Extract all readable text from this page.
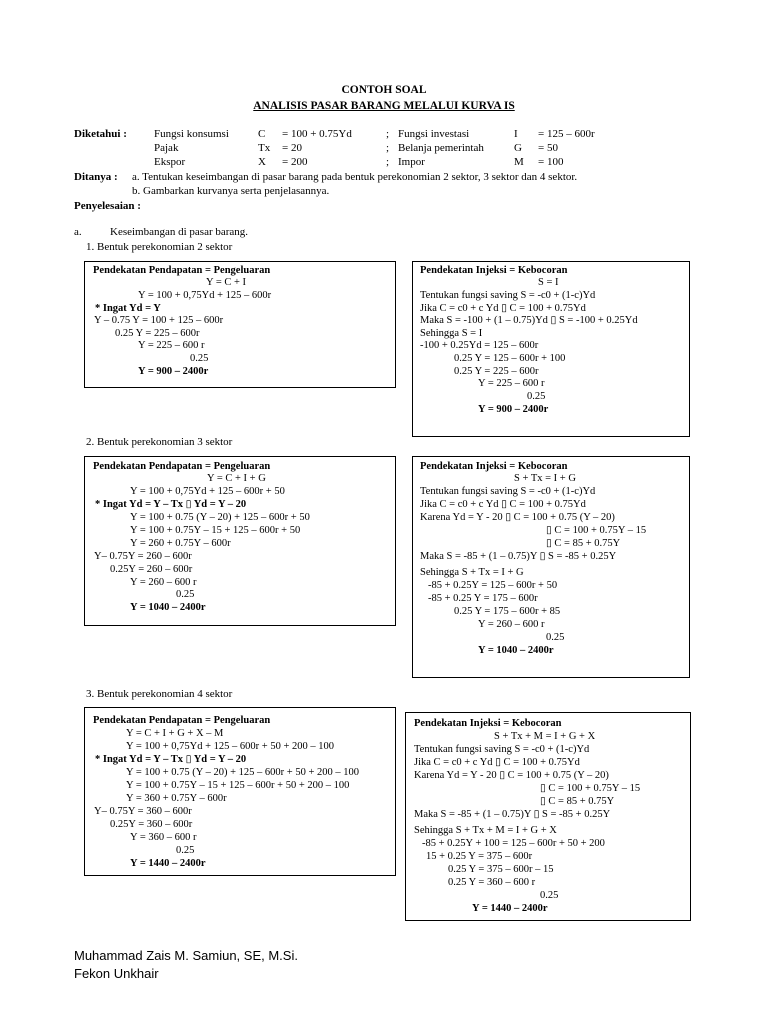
CONTOH SOAL
ANALISIS PASAR BARANG MELALUI KURVA IS
Diketahui : Fungsi konsumsi	C = 100 + 0.75Yd	; Fungsi investasi	I = 125 – 600r
Pajak	Tx = 20	; Belanja pemerintah	G = 50
Ekspor	X = 200	; Impor	M = 100
Ditanya : a. Tentukan keseimbangan di pasar barang pada bentuk perekonomian 2 sektor, 3 sektor dan 4 sektor.
b. Gambarkan kurvanya serta penjelasannya.
Penyelesaian :
a.	Keseimbangan di pasar barang.
1. Bentuk perekonomian 2 sektor
2. Bentuk perekonomian 3 sektor
3. Bentuk perekonomian 4 sektor
Pendekatan Pendapatan = Pengeluaran
Y = C + I
Y = 100 + 0,75Yd + 125 – 600r
* Ingat Yd = Y
Y – 0.75 Y = 100 + 125 – 600r
0.25 Y = 225 – 600r
Y = 225 – 600 r
0.25
Y = 900 – 2400r
Pendekatan Injeksi = Kebocoran
S = I
Tentukan fungsi saving S = -c0 + (1-c)Yd
Jika C = c0 + c Yd ▯ C = 100 + 0.75Yd
Maka S = -100 + (1 – 0.75)Yd ▯ S = -100 + 0.25Yd
Sehingga S = I
-100 + 0.25Yd = 125 – 600r
0.25 Y = 125 – 600r + 100
0.25 Y = 225 – 600r
Y = 225 – 600 r
0.25
Y = 900 – 2400r
Pendekatan Pendapatan = Pengeluaran
Y = C + I + G
Y = 100 + 0,75Yd + 125 – 600r + 50
* Ingat Yd = Y – Tx ▯ Yd = Y – 20
Y = 100 + 0.75 (Y – 20) + 125 – 600r + 50
Y = 100 + 0.75Y – 15 + 125 – 600r + 50
Y = 260 + 0.75Y – 600r
Y– 0.75Y = 260 – 600r
0.25Y = 260 – 600r
Y = 260 – 600 r
0.25
Y = 1040 – 2400r
Pendekatan Injeksi = Kebocoran
S + Tx = I + G
Tentukan fungsi saving S = -c0 + (1-c)Yd
Jika C = c0 + c Yd ▯ C = 100 + 0.75Yd
Karena Yd = Y - 20 ▯ C = 100 + 0.75 (Y – 20)
▯ C = 100 + 0.75Y – 15
▯ C = 85 + 0.75Y
Maka S = -85 + (1 – 0.75)Y ▯ S = -85 + 0.25Y
Sehingga S + Tx = I + G
-85 + 0.25Y = 125 – 600r + 50
-85 + 0.25 Y = 175 – 600r
0.25 Y = 175 – 600r + 85
Y = 260 – 600 r
0.25
Y = 1040 – 2400r
Pendekatan Pendapatan = Pengeluaran
Y = C + I + G + X – M
Y = 100 + 0,75Yd + 125 – 600r + 50 + 200 – 100
* Ingat Yd = Y – Tx ▯ Yd = Y – 20
Y = 100 + 0.75 (Y – 20) + 125 – 600r + 50 + 200 – 100
Y = 100 + 0.75Y – 15 + 125 – 600r + 50 + 200 – 100
Y = 360 + 0.75Y – 600r
Y– 0.75Y = 360 – 600r
0.25Y = 360 – 600r
Y = 360 – 600 r
0.25
Y = 1440 – 2400r
Pendekatan Injeksi = Kebocoran
S + Tx + M = I + G + X
Tentukan fungsi saving S = -c0 + (1-c)Yd
Jika C = c0 + c Yd ▯ C = 100 + 0.75Yd
Karena Yd = Y - 20 ▯ C = 100 + 0.75 (Y – 20)
▯ C = 100 + 0.75Y – 15
▯ C = 85 + 0.75Y
Maka S = -85 + (1 – 0.75)Y ▯ S = -85 + 0.25Y
Sehingga S + Tx + M = I + G + X
-85 + 0.25Y + 100 = 125 – 600r + 50 + 200
15 + 0.25 Y = 375 – 600r
0.25 Y = 375 – 600r – 15
0.25 Y = 360 – 600 r
0.25
Y = 1440 – 2400r
Muhammad Zais M. Samiun, SE, M.Si.
Fekon Unkhair
